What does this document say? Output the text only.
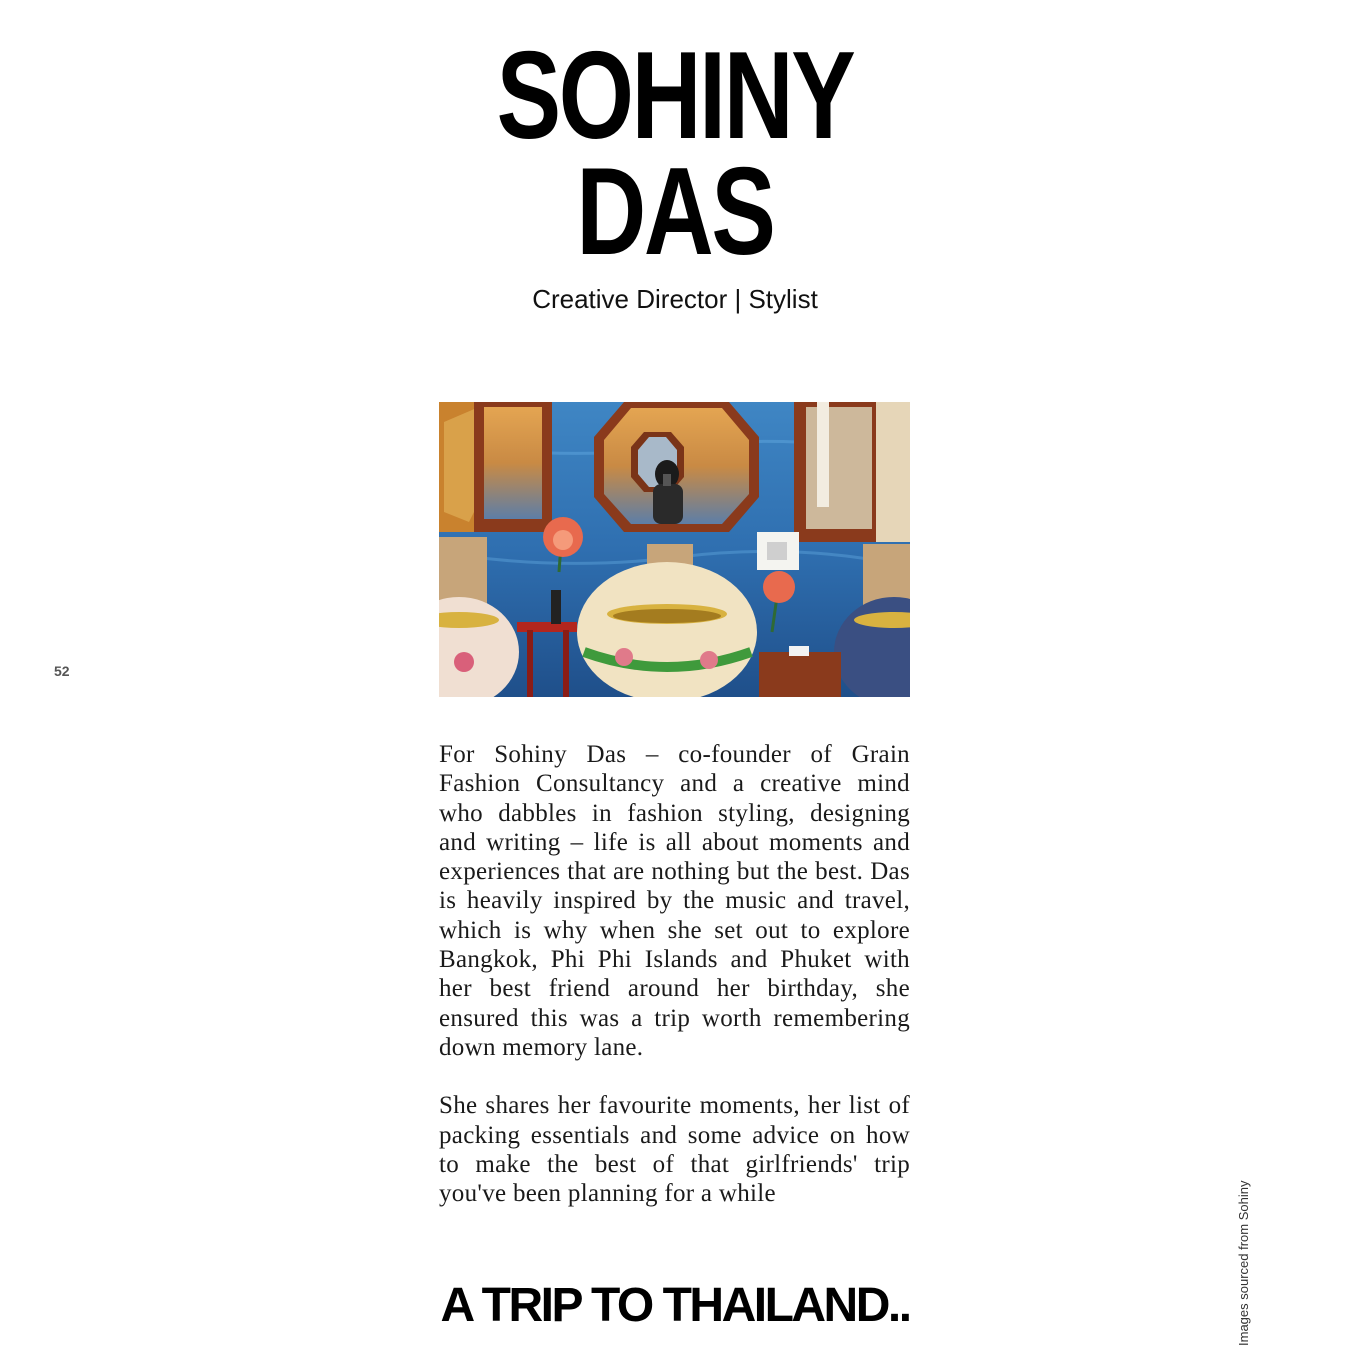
SOHINY
DAS
Creative Director | Stylist
52

For Sohiny Das – co-founder of Grain Fashion Consultancy and a creative mind who dabbles in fashion styling, designing and writing – life is all about moments and experiences that are nothing but the best. Das is heavily inspired by the music and travel, which is why when she set out to explore Bangkok, Phi Phi Islands and Phuket with her best friend around her birthday, she ensured this was a trip worth remembering down memory lane.

She shares her favourite moments, her list of packing essentials and some advice on how to make the best of that girlfriends' trip you've been planning for a while

A TRIP TO THAILAND..	Images sourced from Sohiny
